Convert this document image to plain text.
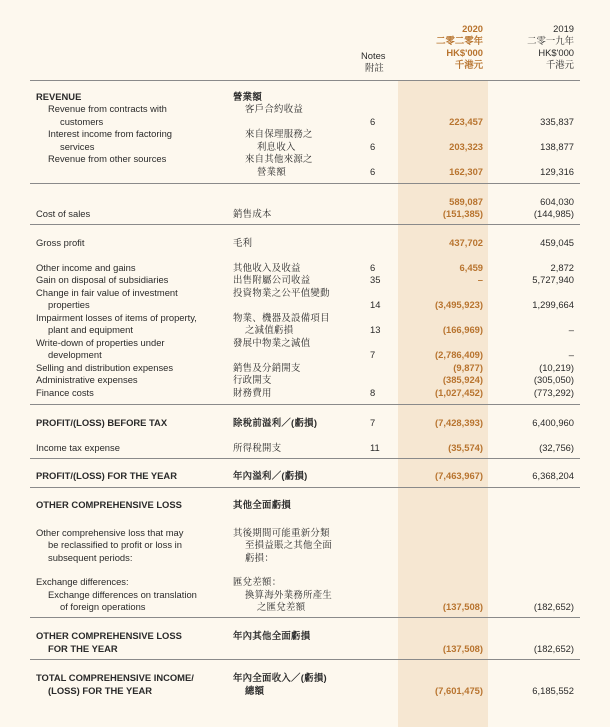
2020
二零二零年
HK$'000
千港元
2019
二零一九年
HK$'000
千港元
Notes
附註
REVENUE	營業額
Revenue from contracts with	客戶合約收益
customers	6	223,457	335,837
Interest income from factoring	來自保理服務之
services	利息收入	6	203,323	138,877
Revenue from other sources	來自其他來源之
營業額	6	162,307	129,316
589,087	604,030
Cost of sales	銷售成本	(151,385)	(144,985)
Gross profit	毛利	437,702	459,045
Other income and gains	其他收入及收益	6	6,459	2,872
Gain on disposal of subsidiaries	出售附屬公司收益	35	–	5,727,940
Change in fair value of investment	投資物業之公平值變動
properties	14	(3,495,923)	1,299,664
Impairment losses of items of property,	物業、機器及設備項目
plant and equipment	之減值虧損	13	(166,969)	–
Write-down of properties under	發展中物業之減值
development	7	(2,786,409)	–
Selling and distribution expenses	銷售及分銷開支	(9,877)	(10,219)
Administrative expenses	行政開支	(385,924)	(305,050)
Finance costs	財務費用	8	(1,027,452)	(773,292)
PROFIT/(LOSS) BEFORE TAX	除稅前溢利／(虧損)	7	(7,428,393)	6,400,960
Income tax expense	所得稅開支	11	(35,574)	(32,756)
PROFIT/(LOSS) FOR THE YEAR	年內溢利／(虧損)	(7,463,967)	6,368,204
OTHER COMPREHENSIVE LOSS	其他全面虧損
Other comprehensive loss that may	其後期間可能重新分類
be reclassified to profit or loss in	至損益賬之其他全面
subsequent periods:	虧損：
Exchange differences:	匯兌差額：
Exchange differences on translation	換算海外業務所產生
of foreign operations	之匯兌差額	(137,508)	(182,652)
OTHER COMPREHENSIVE LOSS	年內其他全面虧損
FOR THE YEAR	(137,508)	(182,652)
TOTAL COMPREHENSIVE INCOME/	年內全面收入／(虧損)
(LOSS) FOR THE YEAR	總額	(7,601,475)	6,185,552
